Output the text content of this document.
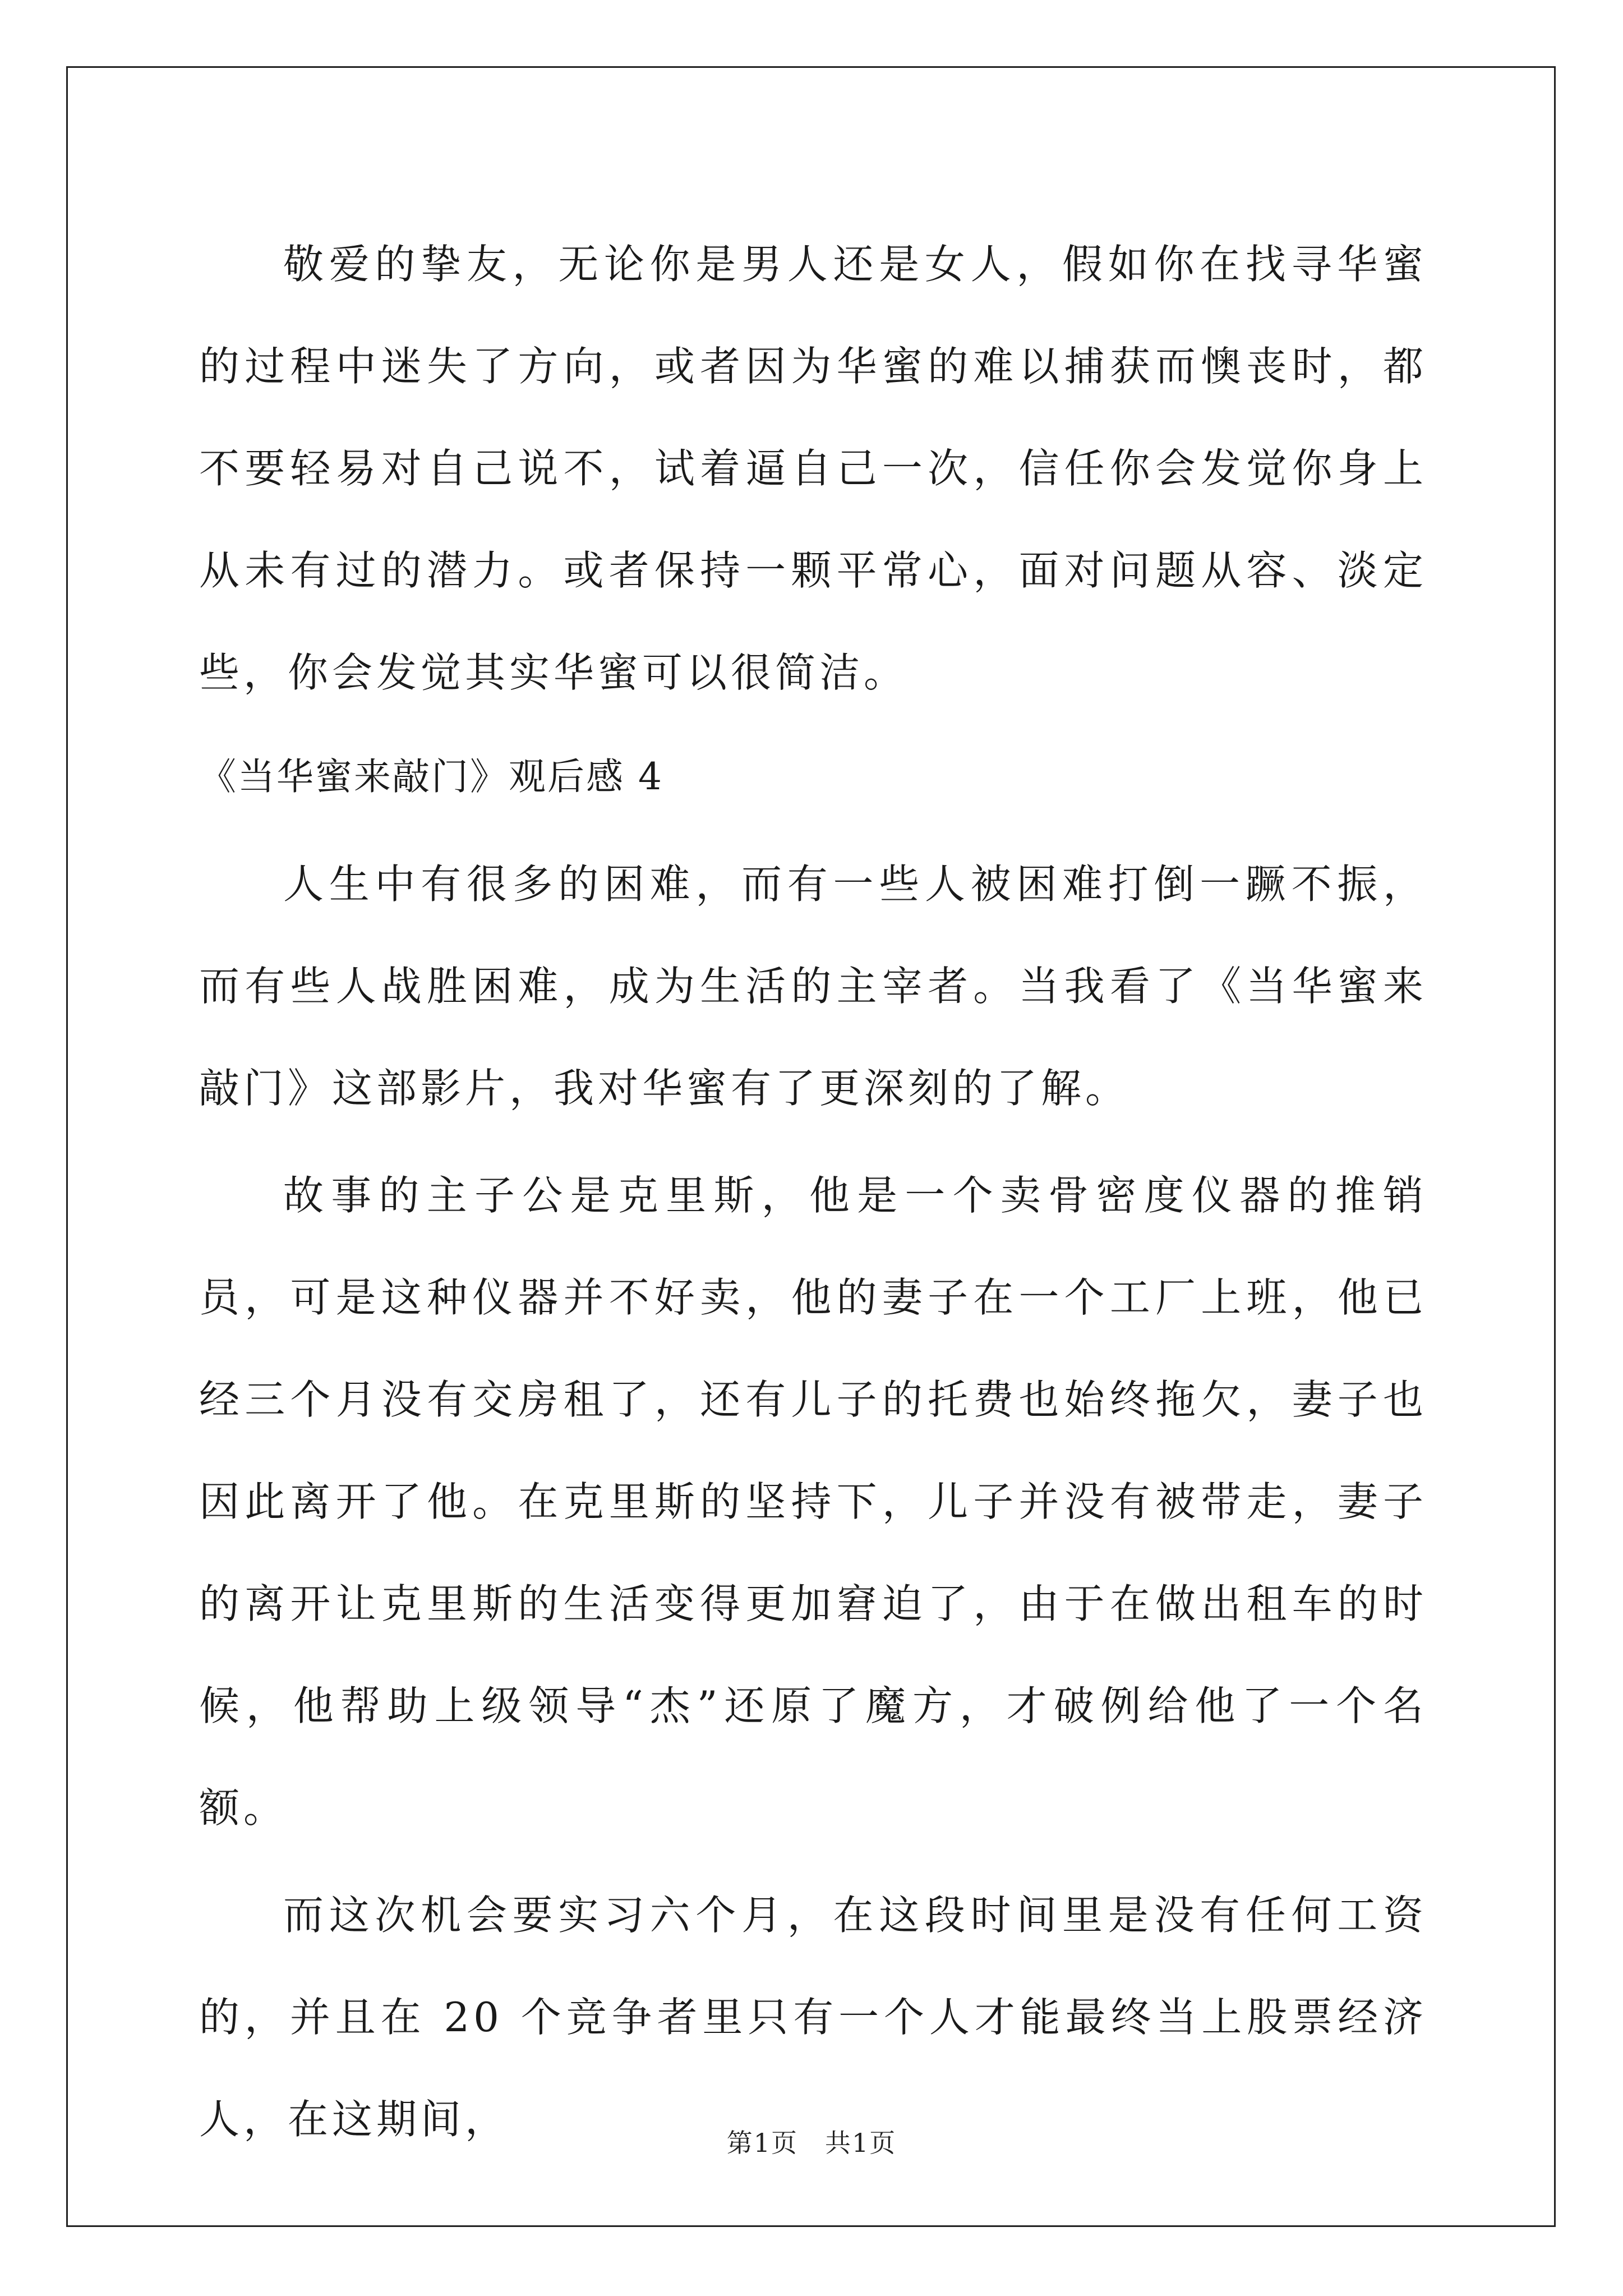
敬爱的挚友，无论你是男人还是女人，假如你在找寻华蜜的过程中迷失了方向，或者因为华蜜的难以捕获而懊丧时，都不要轻易对自己说不，试着逼自己一次，信任你会发觉你身上从未有过的潜力。或者保持一颗平常心，面对问题从容、淡定些，你会发觉其实华蜜可以很简洁。

《当华蜜来敲门》观后感 4

人生中有很多的困难，而有一些人被困难打倒一蹶不振，而有些人战胜困难，成为生活的主宰者。当我看了《当华蜜来敲门》这部影片，我对华蜜有了更深刻的了解。

故事的主子公是克里斯，他是一个卖骨密度仪器的推销员，可是这种仪器并不好卖，他的妻子在一个工厂上班，他已经三个月没有交房租了，还有儿子的托费也始终拖欠，妻子也因此离开了他。在克里斯的坚持下，儿子并没有被带走，妻子的离开让克里斯的生活变得更加窘迫了，由于在做出租车的时候，他帮助上级领导“杰”还原了魔方，才破例给他了一个名额。

而这次机会要实习六个月，在这段时间里是没有任何工资的，并且在 20 个竞争者里只有一个人才能最终当上股票经济人，在这期间，	第1页 共1页
